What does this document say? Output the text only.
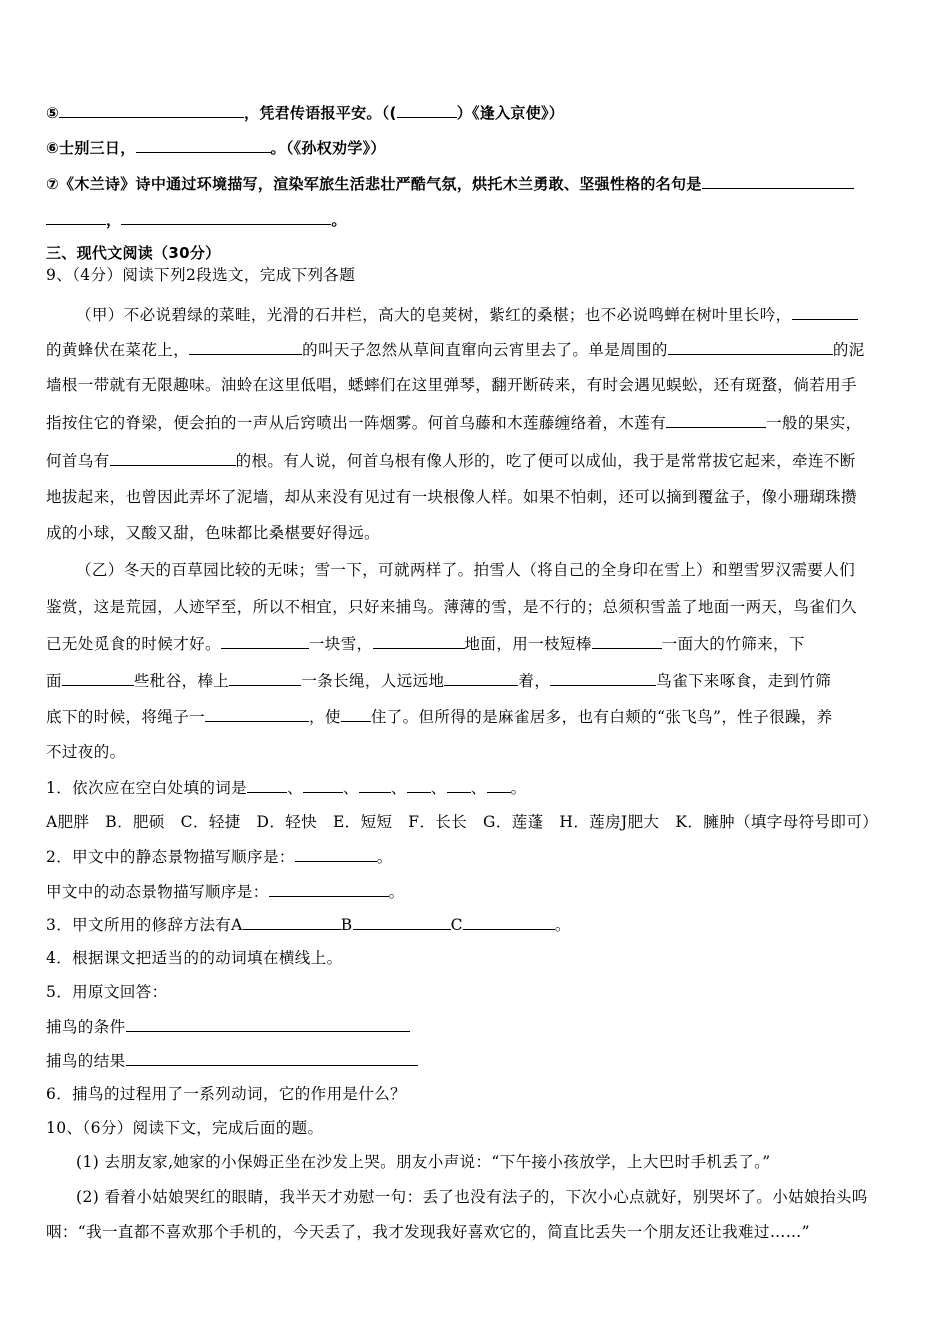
⑤	，凭君传语报平安。（(	）《逢入京使》）
⑥士别三日，	。（《孙权劝学》）
⑦《木兰诗》诗中通过环境描写，渲染军旅生活悲壮严酷气氛，烘托木兰勇敢、坚强性格的名句是
，	。
三、现代文阅读（30分）
9、（4分）阅读下列2段选文，完成下列各题
（甲）不必说碧绿的菜畦，光滑的石井栏，高大的皂荚树，紫红的桑椹；也不必说鸣蝉在树叶里长吟，
的黄蜂伏在菜花上，	的叫天子忽然从草间直窜向云宵里去了。单是周围的	的泥
墙根一带就有无限趣味。油蛉在这里低唱，蟋蟀们在这里弹琴，翻开断砖来，有时会遇见蜈蚣，还有斑蝥，倘若用手
指按住它的脊梁，便会拍的一声从后窍喷出一阵烟雾。何首乌藤和木莲藤缠络着，木莲有	一般的果实，
何首乌有	的根。有人说，何首乌根有像人形的，吃了便可以成仙，我于是常常拔它起来，牵连不断
地拔起来，也曾因此弄坏了泥墙，却从来没有见过有一块根像人样。如果不怕刺，还可以摘到覆盆子，像小珊瑚珠攒
成的小球，又酸又甜，色味都比桑椹要好得远。
（乙）冬天的百草园比较的无味；雪一下，可就两样了。拍雪人（将自己的全身印在雪上）和塑雪罗汉需要人们
鉴赏，这是荒园，人迹罕至，所以不相宜，只好来捕鸟。薄薄的雪，是不行的；总须积雪盖了地面一两天，鸟雀们久
已无处觅食的时候才好。	一块雪，	地面，用一枝短棒	一面大的竹筛来，下
面	些秕谷，棒上	一条长绳，人远远地	着，	鸟雀下来啄食，走到竹筛
底下的时候，将绳子一	，使 住了。但所得的是麻雀居多，也有白颊的“张飞鸟”，性子很躁，养
不过夜的。
1．依次应在空白处填的词是	、	、 、 、 、 。
A肥胖　B．肥硕　C．轻捷　D．轻快　E．短短　F．长长　G．莲蓬　H．莲房J肥大　K．臃肿（填字母符号即可）
2．甲文中的静态景物描写顺序是：	。
甲文中的动态景物描写顺序是：	。
3．甲文所用的修辞方法有A	B	C	。
4．根据课文把适当的的动词填在横线上。
5．用原文回答：
捕鸟的条件
捕鸟的结果
6．捕鸟的过程用了一系列动词，它的作用是什么？
10、（6分）阅读下文，完成后面的题。
(1) 去朋友家,她家的小保姆正坐在沙发上哭。朋友小声说：“下午接小孩放学，上大巴时手机丢了。”
(2) 看着小姑娘哭红的眼睛，我半天才劝慰一句：丢了也没有法子的，下次小心点就好，别哭坏了。小姑娘抬头呜
咽：“我一直都不喜欢那个手机的，今天丢了，我才发现我好喜欢它的，简直比丢失一个朋友还让我难过……”
